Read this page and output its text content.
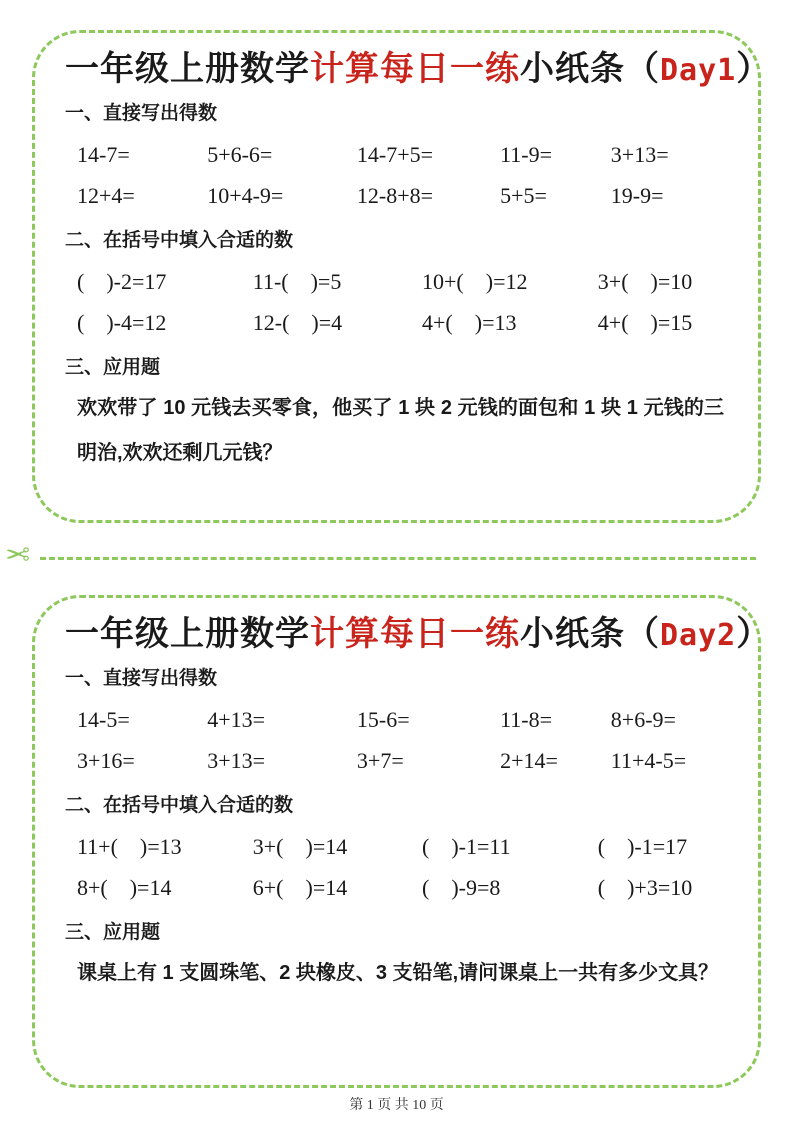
一年级上册数学计算每日一练小纸条（Day1）
一、直接写出得数
14-7=	5+6-6=	14-7+5=	11-9=	3+13=
12+4=	10+4-9=	12-8+8=	5+5=	19-9=
二、在括号中填入合适的数
(　)-2=17	11-(　)=5	10+(　)=12	3+(　)=10
(　)-4=12	12-(　)=4	4+(　)=13	4+(　)=15
三、应用题
欢欢带了 10 元钱去买零食，他买了 1 块 2 元钱的面包和 1 块 1 元钱的三明治,欢欢还剩几元钱？
✂
一年级上册数学计算每日一练小纸条（Day2）
一、直接写出得数
14-5=	4+13=	15-6=	11-8=	8+6-9=
3+16=	3+13=	3+7=	2+14=	11+4-5=
二、在括号中填入合适的数
11+(　)=13	3+(　)=14	(　)-1=11	(　)-1=17
8+(　)=14	6+(　)=14	(　)-9=8	(　)+3=10
三、应用题
课桌上有 1 支圆珠笔、2 块橡皮、3 支铅笔,请问课桌上一共有多少文具？
第 1 页 共 10 页
